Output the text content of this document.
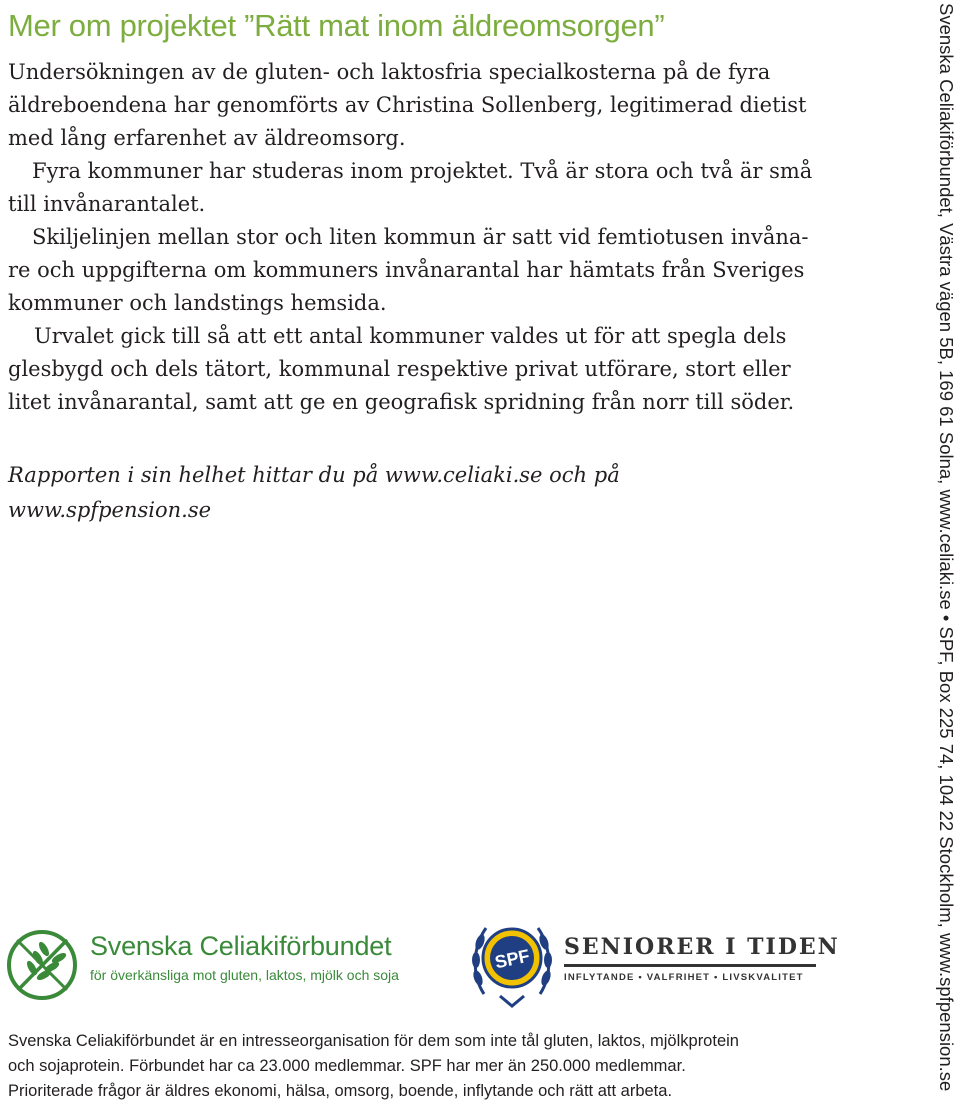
Mer om projektet ”Rätt mat inom äldreomsorgen”

Undersökningen av de gluten- och laktosfria specialkosterna på de fyra
äldreboendena har genomförts av Christina Sollenberg, legitimerad dietist
med lång erfarenhet av äldreomsorg.

Fyra kommuner har studeras inom projektet. Två är stora och två är små
till invånarantalet.

Skiljelinjen mellan stor och liten kommun är satt vid femtiotusen invåna-
re och uppgifterna om kommuners invånarantal har hämtats från Sveriges
kommuner och landstings hemsida.

Urvalet gick till så att ett antal kommuner valdes ut för att spegla dels
glesbygd och dels tätort, kommunal respektive privat utförare, stort eller
litet invånarantal, samt att ge en geografisk spridning från norr till söder.

Rapporten i sin helhet hittar du på www.celiaki.se och på
www.spfpension.se	Svenska Celiakiförbundet, Västra vägen 5B, 169 61 Solna, www.celiaki.se • SPF, Box 225 74, 104 22 Stockholm, www.spfpension.se
Svenska Celiakiförbundet
för överkänsliga mot gluten, laktos, mjölk och soja
SPF SENIORER I TIDEN
INFLYTANDE • VALFRIHET • LIVSKVALITET
Svenska Celiakiförbundet är en intresseorganisation för dem som inte tål gluten, laktos, mjölkprotein
och sojaprotein. Förbundet har ca 23.000 medlemmar. SPF har mer än 250.000 medlemmar.
Prioriterade frågor är äldres ekonomi, hälsa, omsorg, boende, inflytande och rätt att arbeta.
